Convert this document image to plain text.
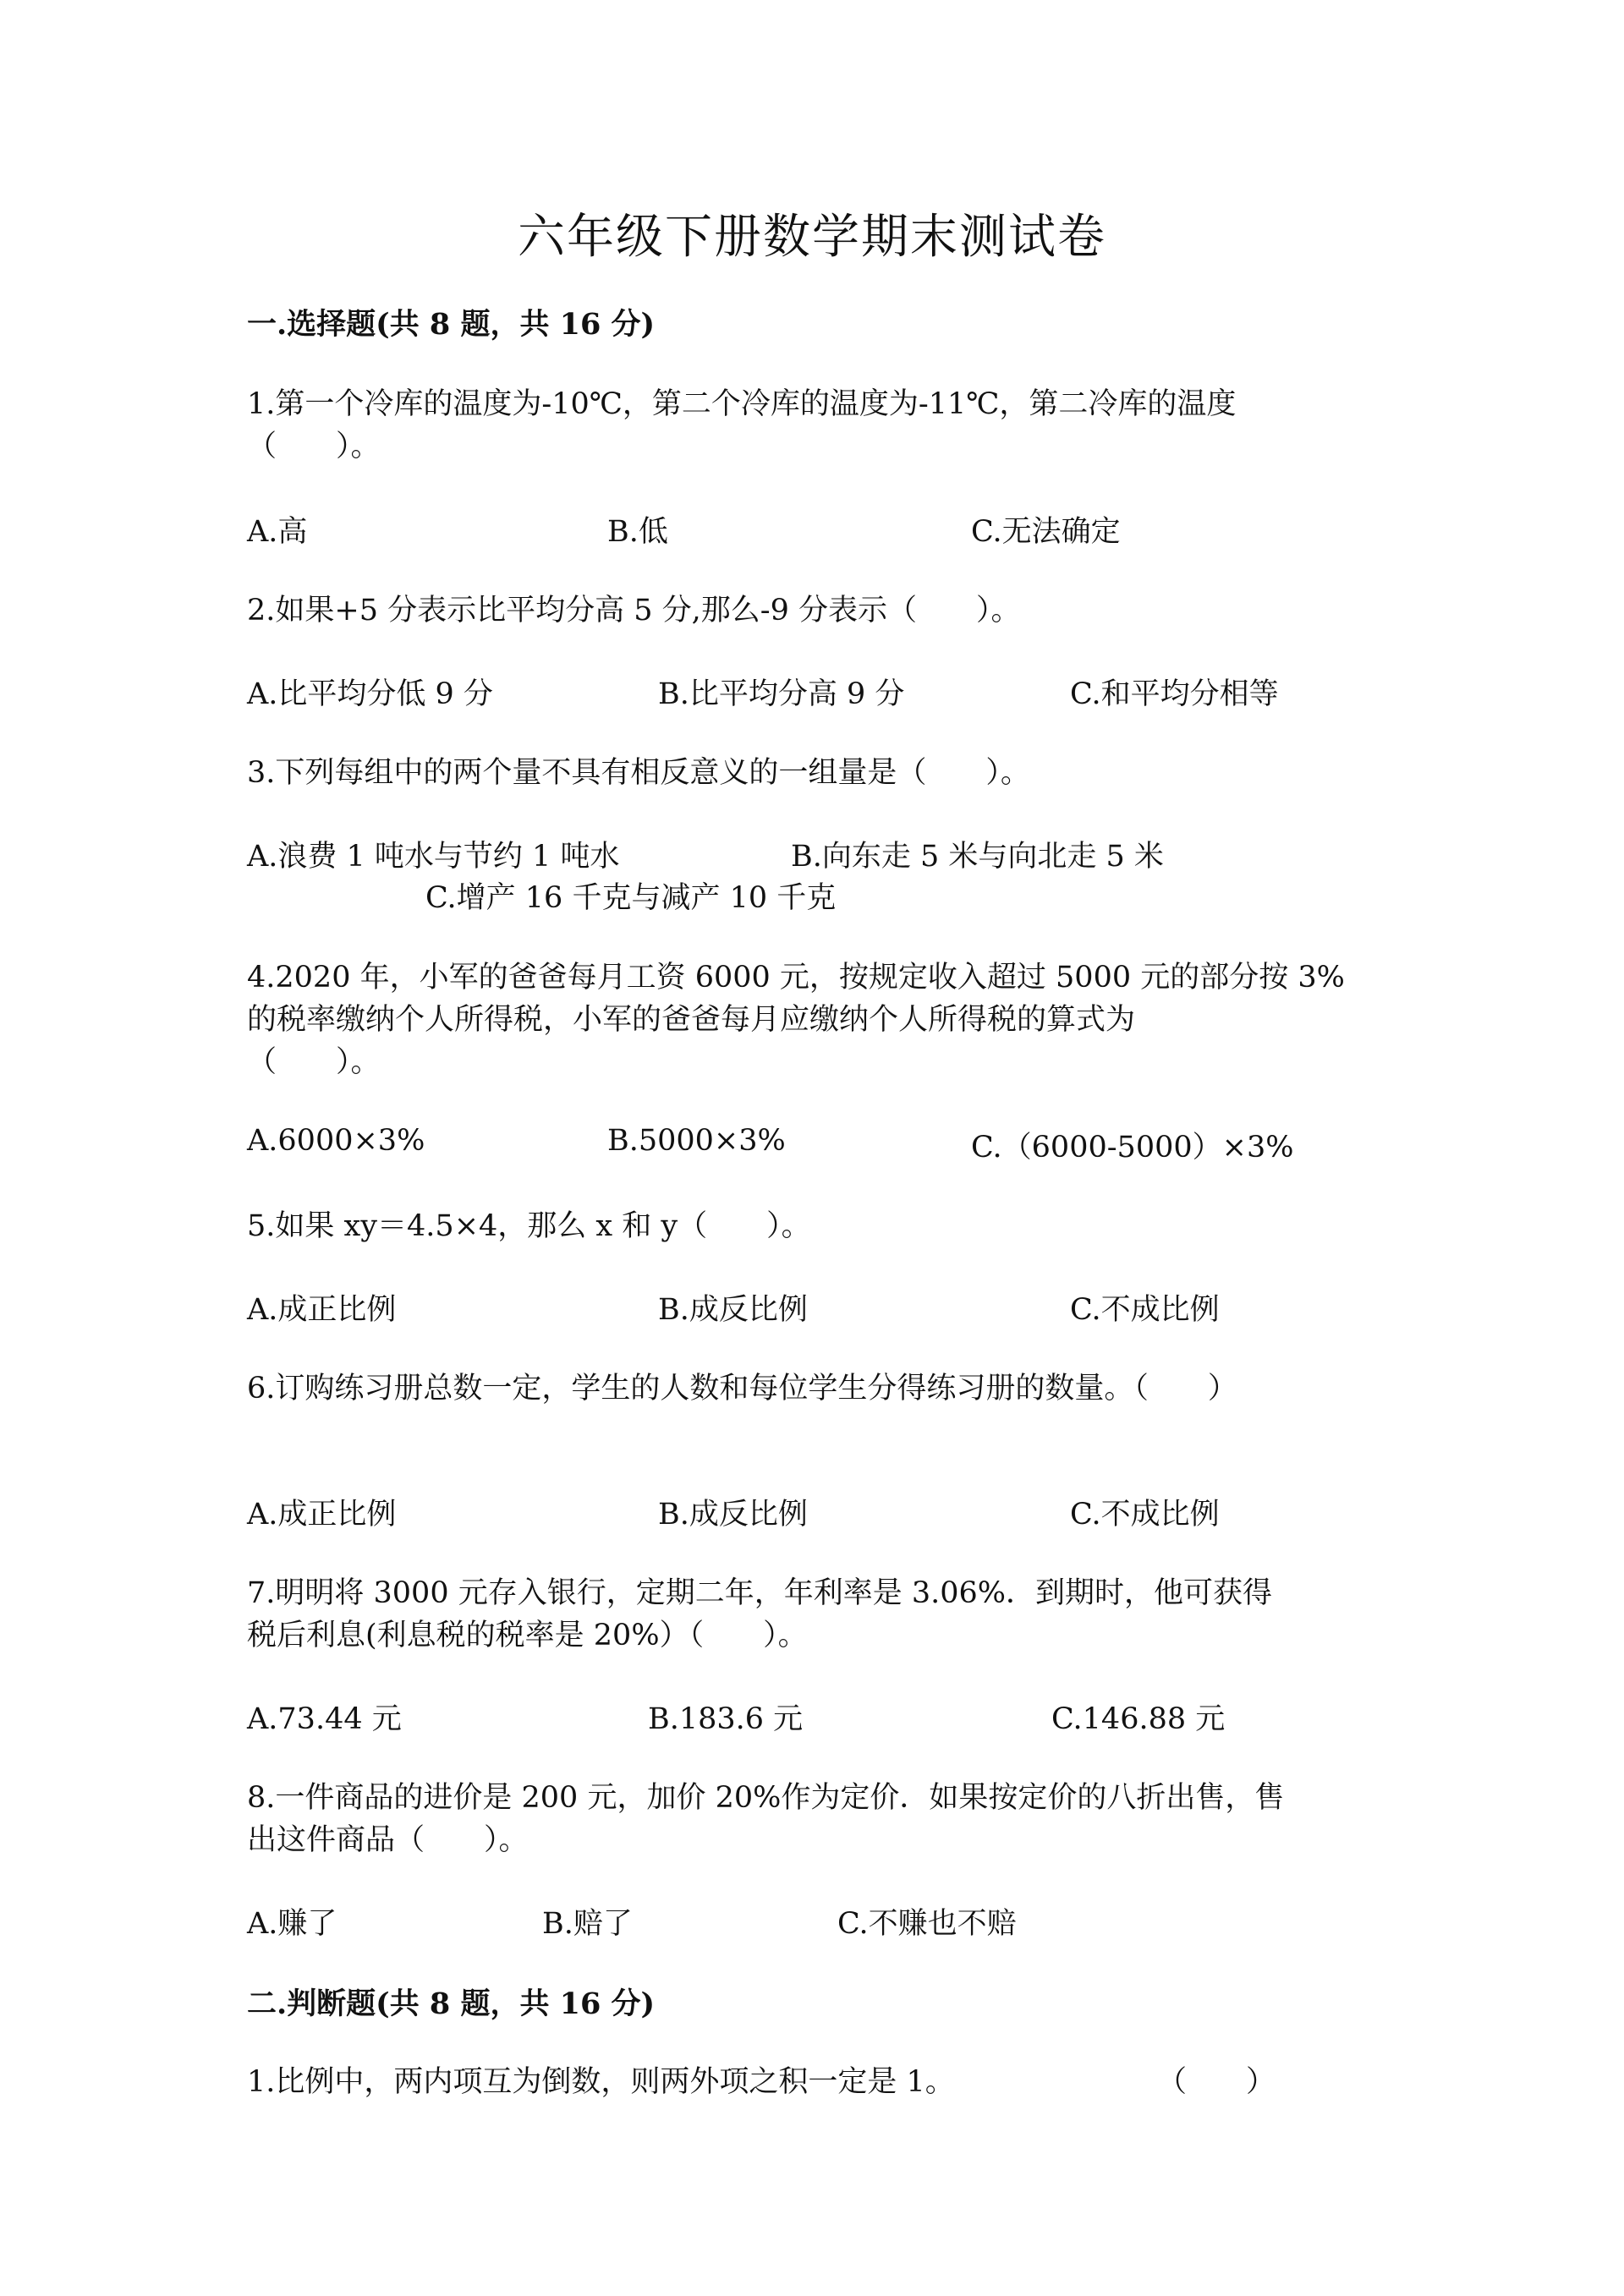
六年级下册数学期末测试卷
一.选择题(共 8 题，共 16 分)
1.第一个冷库的温度为-10℃，第二个冷库的温度为-11℃，第二冷库的温度
（　　）。
A.高	B.低	C.无法确定
2.如果+5 分表示比平均分高 5 分,那么-9 分表示（　　）。
A.比平均分低 9 分	B.比平均分高 9 分	C.和平均分相等
3.下列每组中的两个量不具有相反意义的一组量是（　　）。
A.浪费 1 吨水与节约 1 吨水	B.向东走 5 米与向北走 5 米
C.增产 16 千克与减产 10 千克
4.2020 年，小军的爸爸每月工资 6000 元，按规定收入超过 5000 元的部分按 3%
的税率缴纳个人所得税，小军的爸爸每月应缴纳个人所得税的算式为
（　　）。
A.6000×3%	B.5000×3%	C.（6000-5000）×3%
5.如果 xy＝4.5×4，那么 x 和 y（　　）。
A.成正比例	B.成反比例	C.不成比例
6.订购练习册总数一定，学生的人数和每位学生分得练习册的数量。（　　）
A.成正比例	B.成反比例	C.不成比例
7.明明将 3000 元存入银行，定期二年，年利率是 3.06%．到期时，他可获得
税后利息(利息税的税率是 20%）（　　）。
A.73.44 元	B.183.6 元	C.146.88 元
8.一件商品的进价是 200 元，加价 20%作为定价．如果按定价的八折出售，售
出这件商品（　　）。
A.赚了	B.赔了	C.不赚也不赔
二.判断题(共 8 题，共 16 分)
1.比例中，两内项互为倒数，则两外项之积一定是 1。	（　　）
